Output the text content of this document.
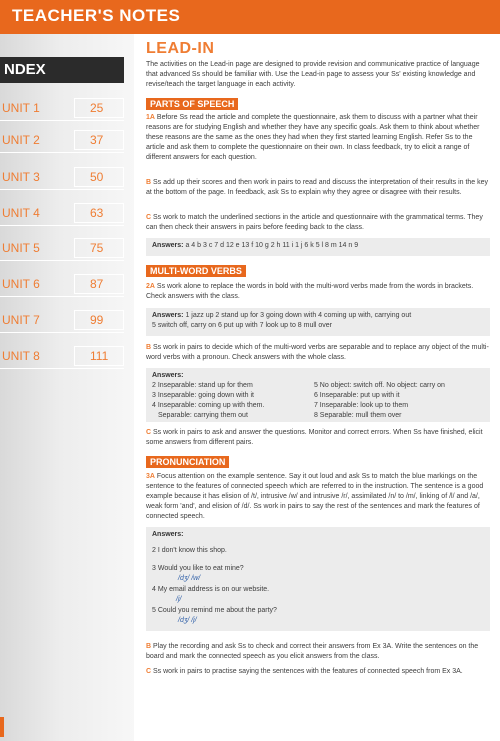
TEACHER'S NOTES
NDEX
UNIT 1	25
UNIT 2	37
UNIT 3	50
UNIT 4	63
UNIT 5	75
UNIT 6	87
UNIT 7	99
UNIT 8	111
LEAD-IN
The activities on the Lead-in page are designed to provide revision and communicative practice of language that advanced Ss should be familiar with. Use the Lead-in page to assess your Ss' existing knowledge and revise/teach the target language in each activity.
PARTS OF SPEECH
1A Before Ss read the article and complete the questionnaire, ask them to discuss with a partner what their reasons are for studying English and whether they have any specific goals. Ask them to think about whether these reasons are the same as the ones they had when they first started learning English. Refer Ss to the article and ask them to complete the questionnaire on their own. In class feedback, try to elicit a range of different answers for each question.
B Ss add up their scores and then work in pairs to read and discuss the interpretation of their results in the key at the bottom of the page. In feedback, ask Ss to explain why they agree or disagree with their results.
C Ss work to match the underlined sections in the article and questionnaire with the grammatical terms. They can then check their answers in pairs before feeding back to the class.
Answers: a 4 b 3 c 7 d 12 e 13 f 10 g 2 h 11 i 1 j 6 k 5 l 8 m 14 n 9
MULTI-WORD VERBS
2A Ss work alone to replace the words in bold with the multi-word verbs made from the words in brackets. Check answers with the class.
Answers: 1 jazz up 2 stand up for 3 going down with 4 coming up with, carrying out
5 switch off, carry on 6 put up with 7 look up to 8 mull over
B Ss work in pairs to decide which of the multi-word verbs are separable and to replace any object of the multi-word verbs with a pronoun. Check answers with the whole class.
Answers:

2 Inseparable: stand up for them
3 Inseparable: going down with it
4 Inseparable: coming up with them.
Separable: carrying them out

5 No object: switch off. No object: carry on
6 Inseparable: put up with it
7 Inseparable: look up to them
8 Separable: mull them over
C Ss work in pairs to ask and answer the questions. Monitor and correct errors. When Ss have finished, elicit some answers from different pairs.
PRONUNCIATION
3A Focus attention on the example sentence. Say it out loud and ask Ss to match the blue markings on the sentence to the features of connected speech which are referred to in the instruction. The sentence is a good example because it has elision of /t/, intrusive /w/ and intrusive /r/, assimilated /n/ to /m/, linking of /l/ and /a/, weak form 'and', and elision of /d/. Ss work in pairs to say the rest of the sentences and mark the features of connected speech.
Answers:
2 I don't know this shop.
3 Would you like to eat mine?
/dʒ/ /w/
4 My email address is on our website.
/j/
5 Could you remind me about the party?
/dʒ/ /j/
B Play the recording and ask Ss to check and correct their answers from Ex 3A. Write the sentences on the board and mark the connected speech as you elicit answers from the class.
C Ss work in pairs to practise saying the sentences with the features of connected speech from Ex 3A.
